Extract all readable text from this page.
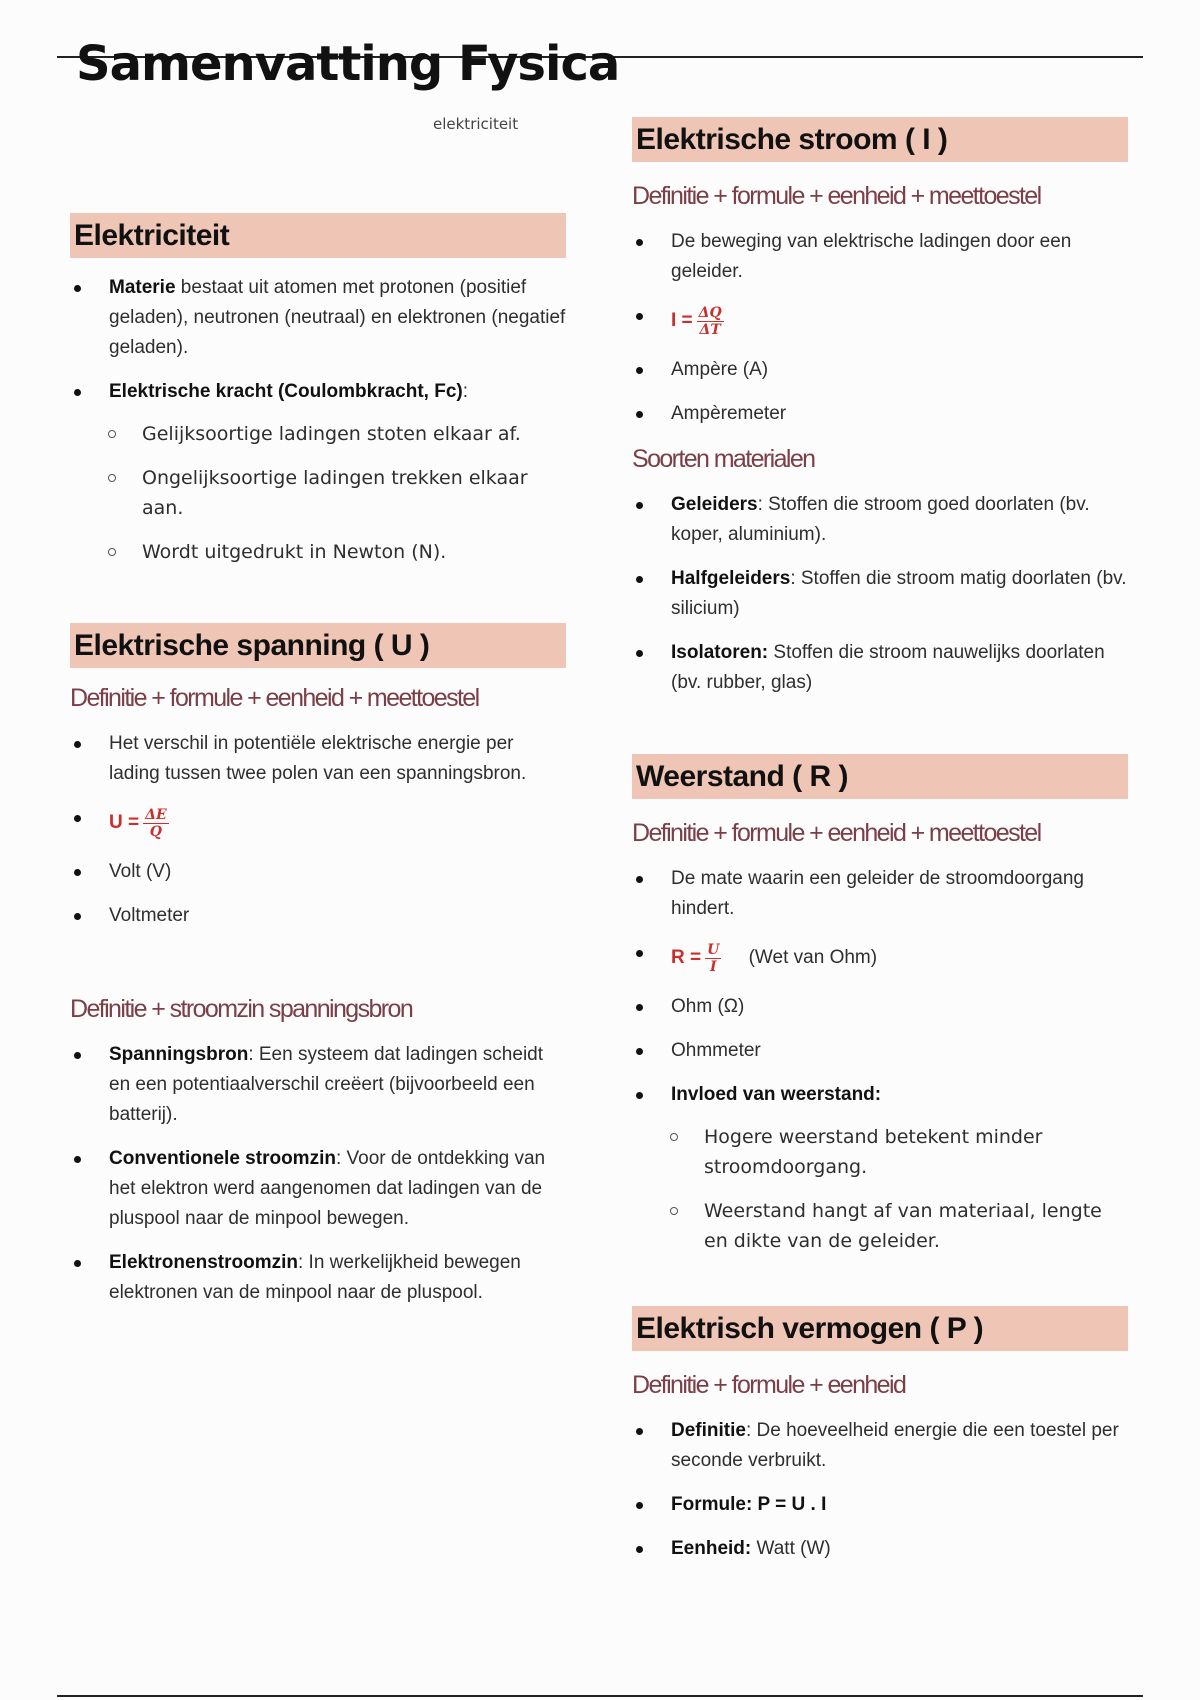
Samenvatting Fysica
elektriciteit
Elektriciteit
Materie bestaat uit atomen met protonen (positief geladen), neutronen (neutraal) en elektronen (negatief geladen).
Elektrische kracht (Coulombkracht, Fc):
Gelijksoortige ladingen stoten elkaar af.
Ongelijksoortige ladingen trekken elkaar aan.
Wordt uitgedrukt in Newton (N).
Elektrische spanning ( U )

Definitie + formule + eenheid + meettoestel

Het verschil in potentiële elektrische energie per lading tussen twee polen van een spanningsbron.
$U = \frac{\Delta E}{Q}$
Volt (V)
Voltmeter

Definitie + stroomzin spanningsbron

Spanningsbron: Een systeem dat ladingen scheidt en een potentiaalverschil creëert (bijvoorbeeld een batterij).
Conventionele stroomzin: Voor de ontdekking van het elektron werd aangenomen dat ladingen van de pluspool naar de minpool bewegen.
Elektronenstroomzin: In werkelijkheid bewegen elektronen van de minpool naar de pluspool.
Elektrische stroom ( I )

Definitie + formule + eenheid + meettoestel

De beweging van elektrische ladingen door een geleider.
$I = \frac{\Delta Q}{\Delta T}$
Ampère (A)
Ampèremeter

Soorten materialen

Geleiders: Stoffen die stroom goed doorlaten (bv. koper, aluminium).
Halfgeleiders: Stoffen die stroom matig doorlaten (bv. silicium)
Isolatoren: Stoffen die stroom nauwelijks doorlaten (bv. rubber, glas)
Weerstand ( R )

Definitie + formule + eenheid + meettoestel

De mate waarin een geleider de stroomdoorgang hindert.
$R = \frac{U}{I} (Wet$ van Ohm)
Ohm (Ω)
Ohmmeter
Invloed van weerstand:
Hogere weerstand betekent minder stroomdoorgang.
Weerstand hangt af van materiaal, lengte en dikte van de geleider.
Elektrisch vermogen ( P )

Definitie + formule + eenheid

Definitie: De hoeveelheid energie die een toestel per seconde verbruikt.
Formule: P = U . I
Eenheid: Watt (W)
